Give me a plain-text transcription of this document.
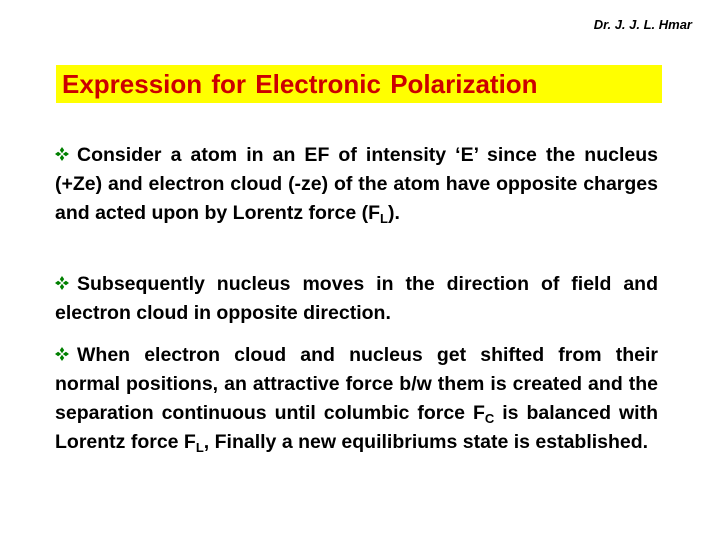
Dr. J. J. L. Hmar
Expression for Electronic Polarization
Consider a atom in an EF of intensity ‘E’ since the nucleus (+Ze) and electron cloud (-ze) of the atom have opposite charges and acted upon by Lorentz force $(F_L)$.
Subsequently nucleus moves in the direction of field and electron cloud in opposite direction.
When electron cloud and nucleus get shifted from their normal positions, an attractive force b/w them is created and the separation continuous until columbic force $F_C$ is balanced with Lorentz force $F_L$, Finally a new equilibriums state is established.
